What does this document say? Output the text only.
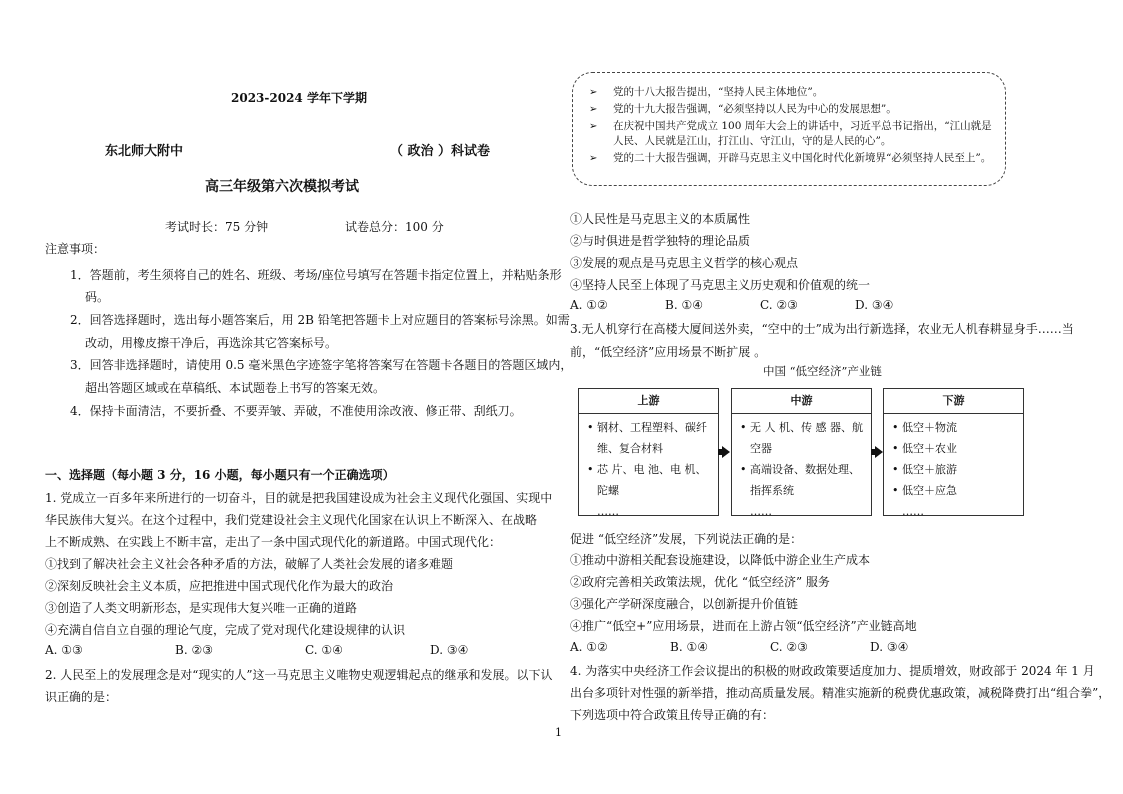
2023-2024 学年下学期
东北师大附中	（ 政治 ）科试卷
高三年级第六次模拟考试
考试时长：75 分钟	试卷总分：100 分
注意事项：
1．答题前，考生须将自己的姓名、班级、考场/座位号填写在答题卡指定位置上，并粘贴条形
码。
2．回答选择题时，选出每小题答案后，用 2B 铅笔把答题卡上对应题目的答案标号涂黑。如需
改动，用橡皮擦干净后，再选涂其它答案标号。
3．回答非选择题时，请使用 0.5 毫米黑色字迹签字笔将答案写在答题卡各题目的答题区域内，
超出答题区域或在草稿纸、本试题卷上书写的答案无效。
4．保持卡面清洁，不要折叠、不要弄皱、弄破，不准使用涂改液、修正带、刮纸刀。
一、选择题（每小题 3 分，16 小题，每小题只有一个正确选项）
1. 党成立一百多年来所进行的一切奋斗，目的就是把我国建设成为社会主义现代化强国、实现中
华民族伟大复兴。在这个过程中，我们党建设社会主义现代化国家在认识上不断深入、在战略
上不断成熟、在实践上不断丰富，走出了一条中国式现代化的新道路。中国式现代化：
①找到了解决社会主义社会各种矛盾的方法，破解了人类社会发展的诸多难题
②深刻反映社会主义本质，应把推进中国式现代化作为最大的政治
③创造了人类文明新形态，是实现伟大复兴唯一正确的道路
④充满自信自立自强的理论气度，完成了党对现代化建设规律的认识
A. ①③	B. ②③	C. ①④	D. ③④
2. 人民至上的发展理念是对“现实的人”这一马克思主义唯物史观逻辑起点的继承和发展。以下认
识正确的是：
➢ 党的十八大报告提出，“坚持人民主体地位”。
➢ 党的十九大报告强调，“必须坚持以人民为中心的发展思想”。
➢ 在庆祝中国共产党成立 100 周年大会上的讲话中，习近平总书记指出，“江山就是人民、人民就是江山，打江山、守江山，守的是人民的心”。
➢ 党的二十大报告强调，开辟马克思主义中国化时代化新境界“必须坚持人民至上”。
①人民性是马克思主义的本质属性
②与时俱进是哲学独特的理论品质
③发展的观点是马克思主义哲学的核心观点
④坚持人民至上体现了马克思主义历史观和价值观的统一
A. ①②	B. ①④	C. ②③	D. ③④
3.无人机穿行在高楼大厦间送外卖，“空中的士”成为出行新选择，农业无人机春耕显身手……当
前，“低空经济”应用场景不断扩展 。
中国 “低空经济”产业链
上游
• 钢材、工程塑料、碳纤
维、复合材料
• 芯 片、电 池、电 机、
陀螺
……
中游
• 无 人 机、传 感 器、航
空器
• 高端设备、数据处理、
指挥系统
……
下游
• 低空＋物流
• 低空＋农业
• 低空＋旅游
• 低空＋应急
……
促进 “低空经济”发展，下列说法正确的是：
①推动中游相关配套设施建设，以降低中游企业生产成本
②政府完善相关政策法规，优化 “低空经济” 服务
③强化产学研深度融合，以创新提升价值链
④推广“低空+”应用场景，进而在上游占领“低空经济”产业链高地
A. ①②	B. ①④	C. ②③	D. ③④
4. 为落实中央经济工作会议提出的积极的财政政策要适度加力、提质增效，财政部于 2024 年 1 月
出台多项针对性强的新举措，推动高质量发展。精准实施新的税费优惠政策，减税降费打出“组合拳”，
下列选项中符合政策且传导正确的有：
1
